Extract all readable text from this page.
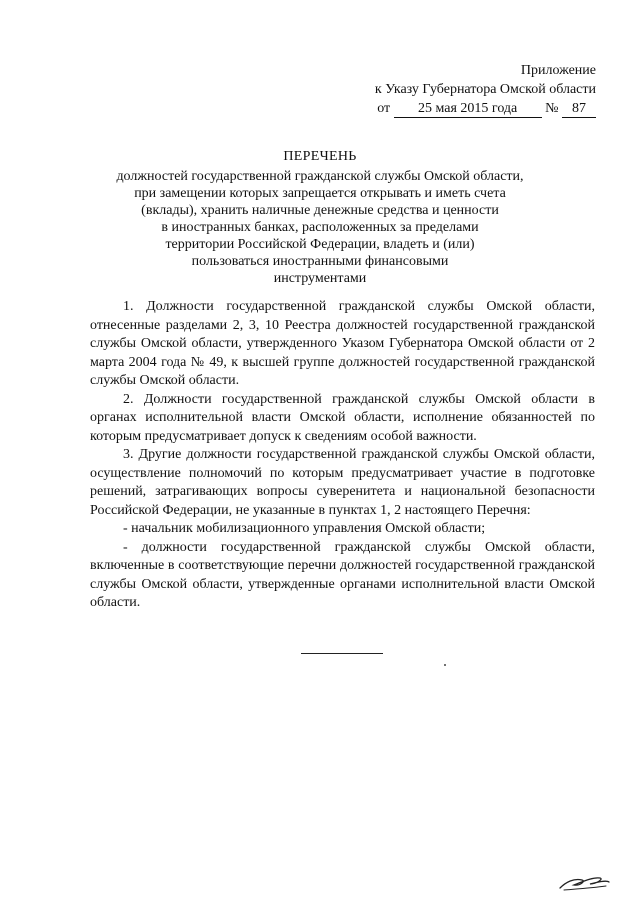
Приложение
к Указу Губернатора Омской области
от 25 мая 2015 года № 87
ПЕРЕЧЕНЬ
должностей государственной гражданской службы Омской области,
при замещении которых запрещается открывать и иметь счета
(вклады), хранить наличные денежные средства и ценности
в иностранных банках, расположенных за пределами
территории Российской Федерации, владеть и (или)
пользоваться иностранными финансовыми
инструментами

1. Должности государственной гражданской службы Омской области, отнесенные разделами 2, 3, 10 Реестра должностей государственной гражданской службы Омской области, утвержденного Указом Губернатора Омской области от 2 марта 2004 года № 49, к высшей группе должностей государственной гражданской службы Омской области.

2. Должности государственной гражданской службы Омской области в органах исполнительной власти Омской области, исполнение обязанностей по которым предусматривает допуск к сведениям особой важности.

3. Другие должности государственной гражданской службы Омской области, осуществление полномочий по которым предусматривает участие в подготовке решений, затрагивающих вопросы суверенитета и национальной безопасности Российской Федерации, не указанные в пунктах 1, 2 настоящего Перечня:

- начальник мобилизационного управления Омской области;

- должности государственной гражданской службы Омской области, включенные в соответствующие перечни должностей государственной гражданской службы Омской области, утвержденные органами исполнительной власти Омской области.
